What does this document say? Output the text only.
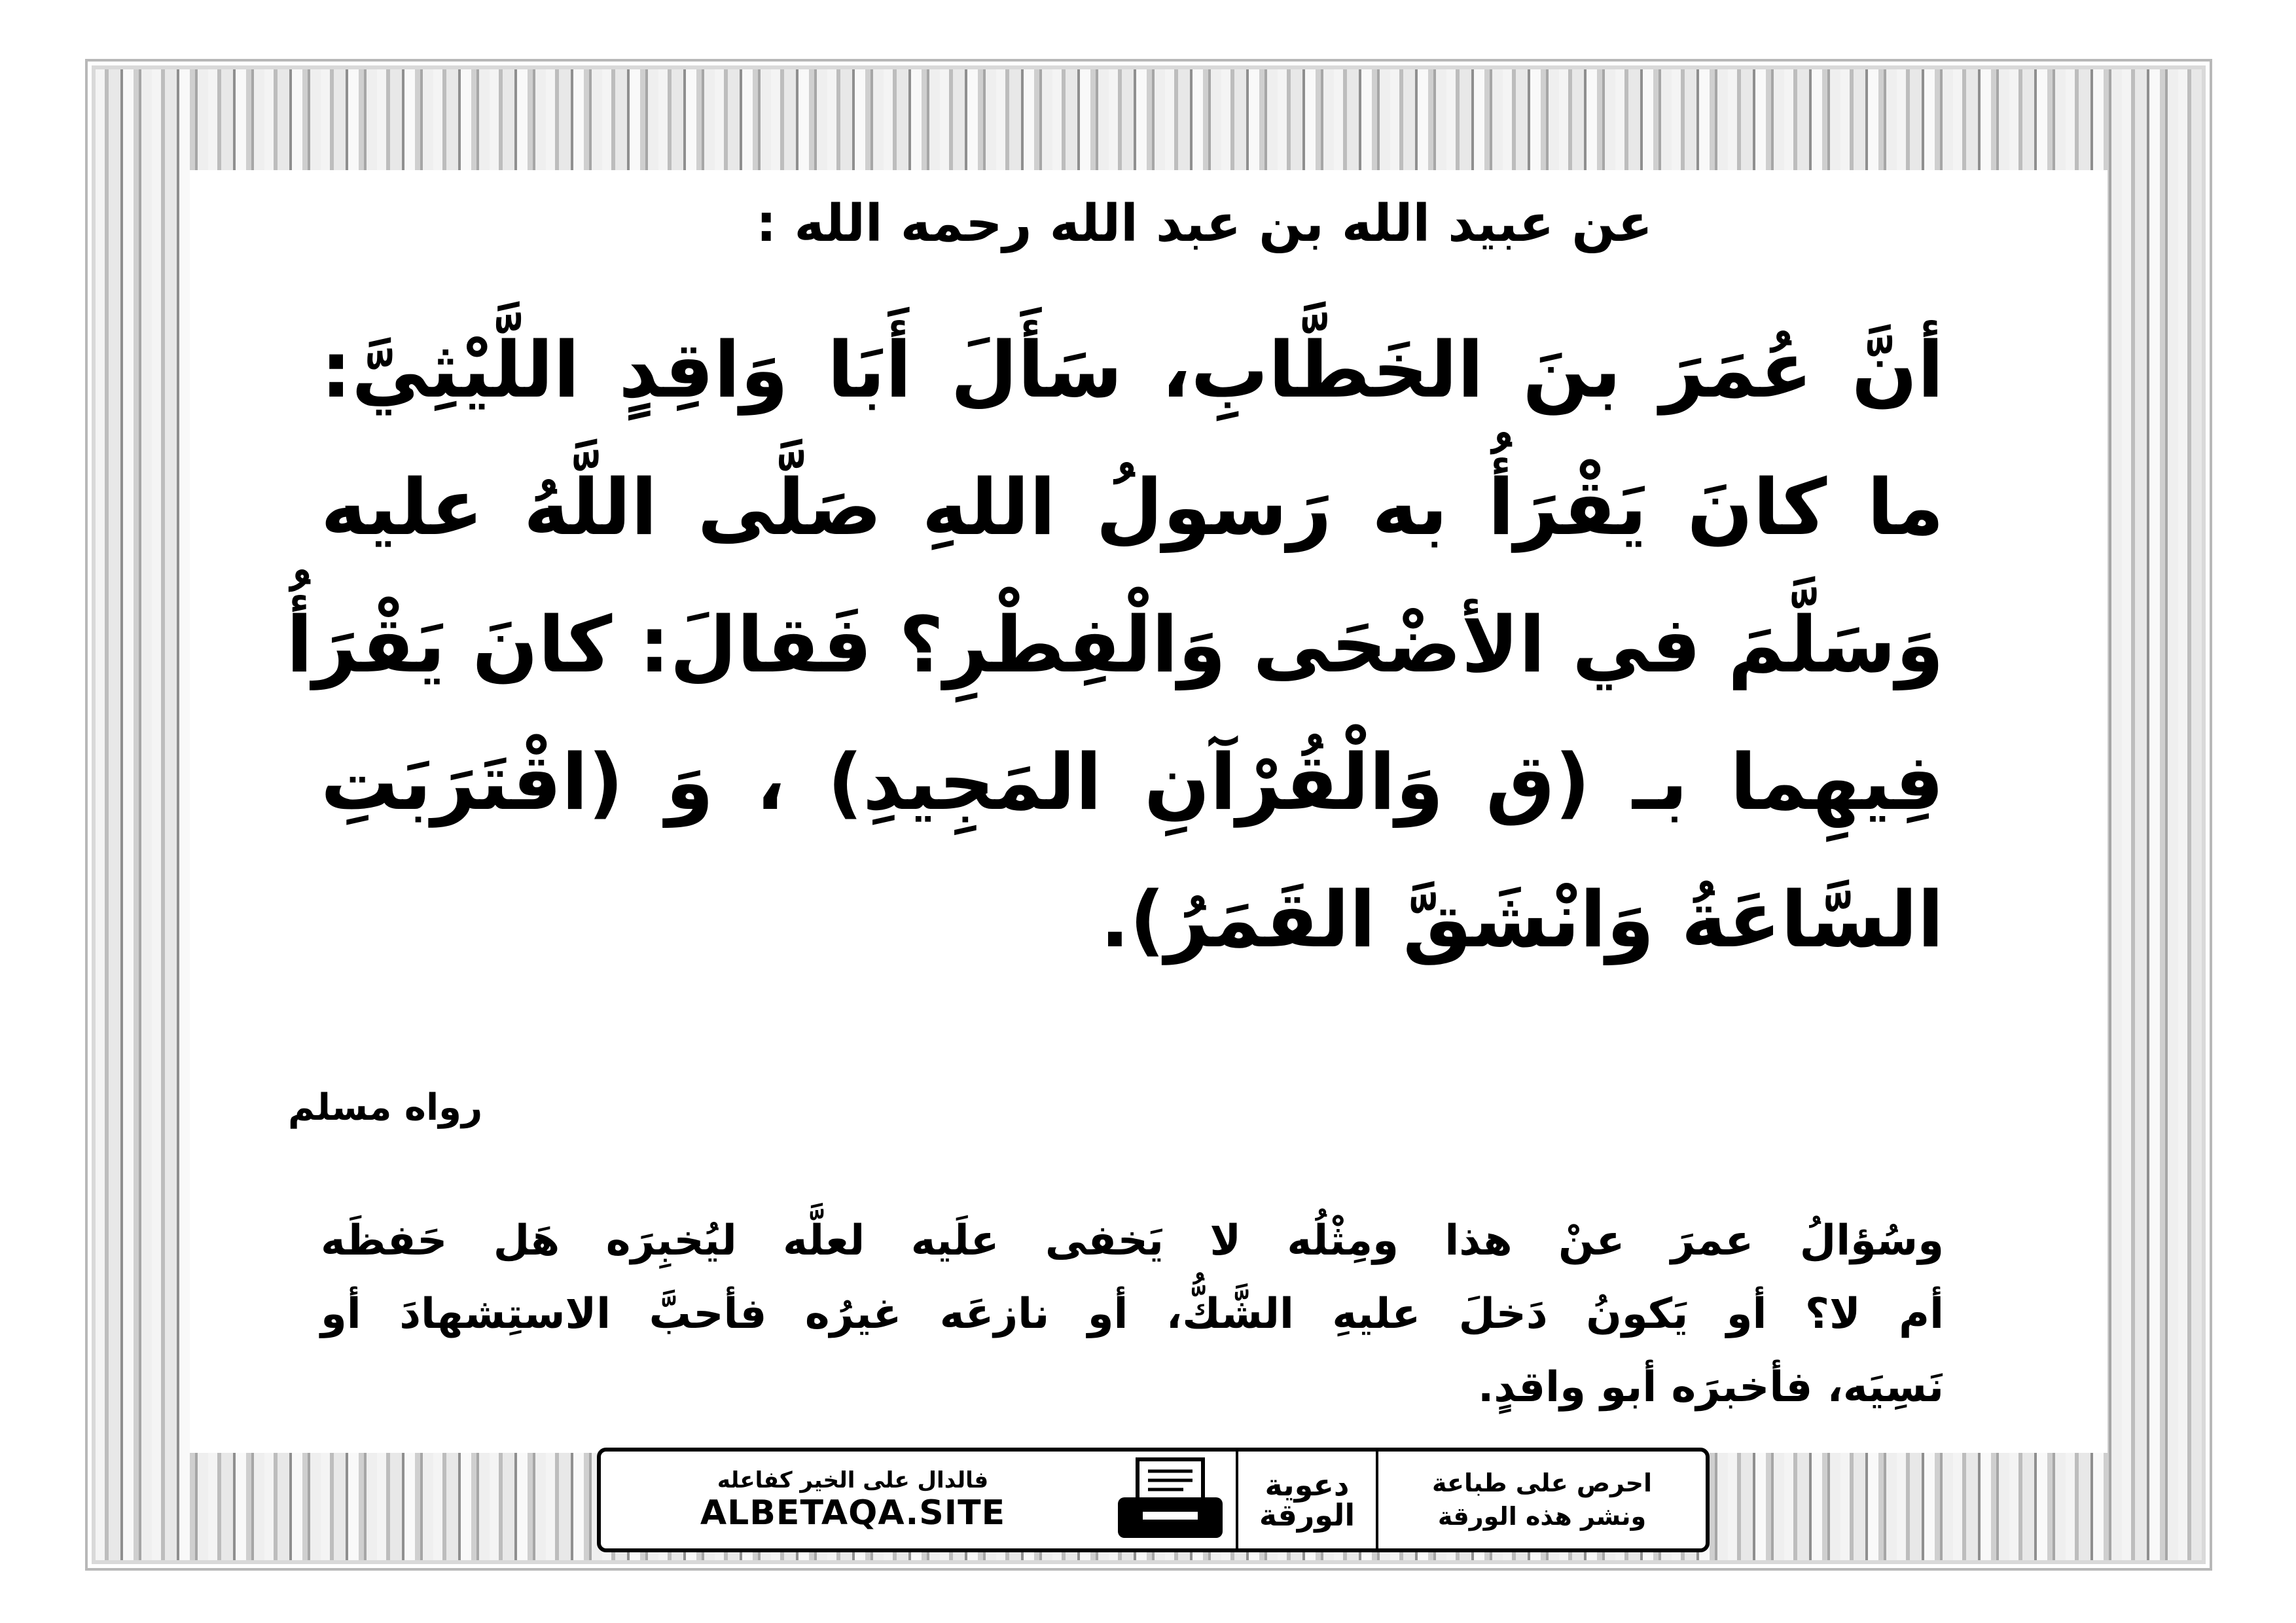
عن عبيد الله بن عبد الله رحمه الله :
أنَّ عُمَرَ بنَ الخَطَّابِ، سَأَلَ أَبَا وَاقِدٍ اللَّيْثِيَّ:
ما كانَ يَقْرَأُ به رَسولُ اللهِ صَلَّى اللَّهُ عليه
وَسَلَّمَ في الأضْحَى وَالْفِطْرِ؟ فَقالَ: كانَ يَقْرَأُ
فِيهِما بـ (ق وَالْقُرْآنِ المَجِيدِ) ، وَ (اقْتَرَبَتِ
السَّاعَةُ وَانْشَقَّ القَمَرُ).
رواه مسلم
وسُؤالُ عمرَ عنْ هذا ومِثْلُه لا يَخفى علَيه لعلَّه ليُخبِرَه هَل حَفظَه
أم لا؟ أو يَكونُ دَخلَ عليهِ الشَّكُّ، أو نازعَه غيرُه فأحبَّ الاستِشهادَ أو
نَسِيَه، فأخبرَه أبو واقدٍ.
احرص على طباعة
ونشر هذه الورقة
دعوية
الورقة
فالدال على الخير كفاعله
ALBETAQA.SITE
